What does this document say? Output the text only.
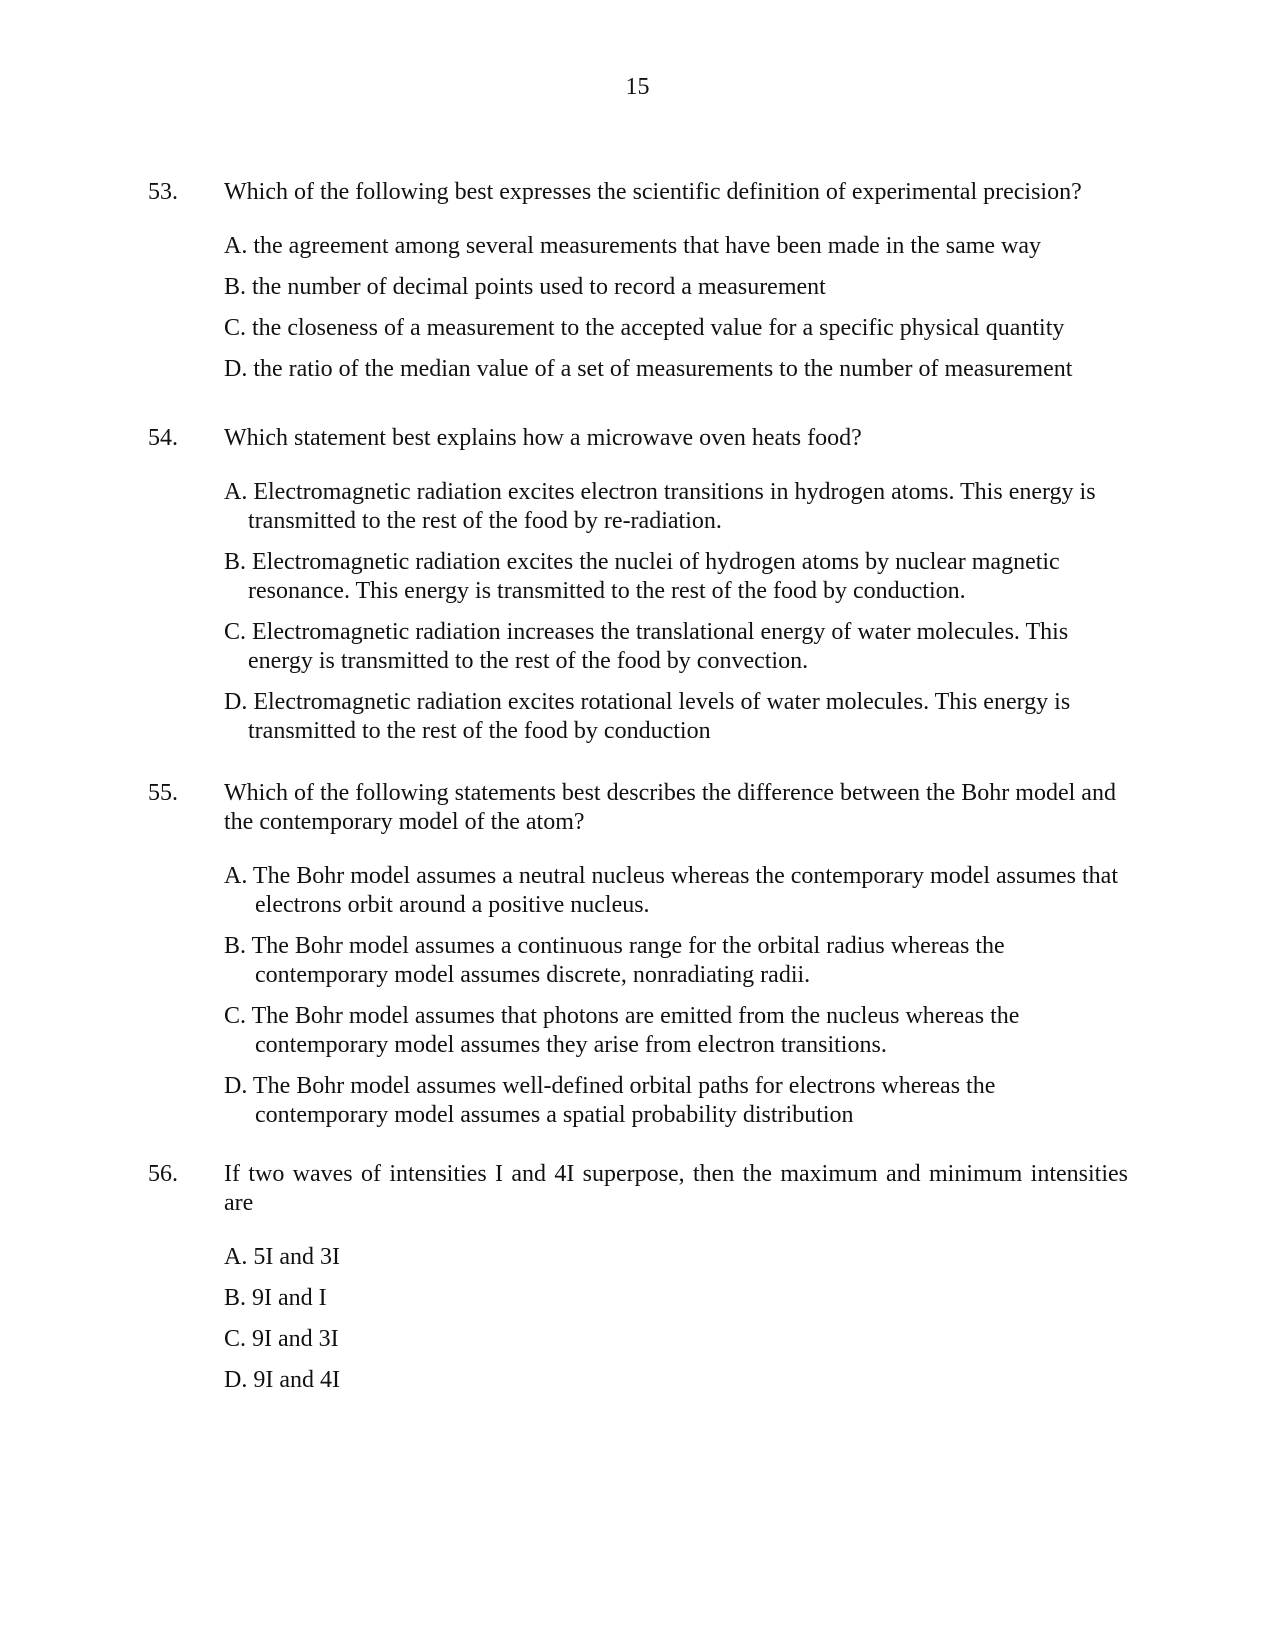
15
53. Which of the following best expresses the scientific definition of experimental precision?
A. the agreement among several measurements that have been made in the same way
B. the number of decimal points used to record a measurement
C. the closeness of a measurement to the accepted value for a specific physical quantity
D. the ratio of the median value of a set of measurements to the number of measurement
54. Which statement best explains how a microwave oven heats food?
A. Electromagnetic radiation excites electron transitions in hydrogen atoms. This energy is transmitted to the rest of the food by re-radiation.
B. Electromagnetic radiation excites the nuclei of hydrogen atoms by nuclear magnetic resonance. This energy is transmitted to the rest of the food by conduction.
C. Electromagnetic radiation increases the translational energy of water molecules. This energy is transmitted to the rest of the food by convection.
D. Electromagnetic radiation excites rotational levels of water molecules. This energy is transmitted to the rest of the food by conduction
55. Which of the following statements best describes the difference between the Bohr model and the contemporary model of the atom?
A. The Bohr model assumes a neutral nucleus whereas the contemporary model assumes that electrons orbit around a positive nucleus.
B. The Bohr model assumes a continuous range for the orbital radius whereas the contemporary model assumes discrete, nonradiating radii.
C. The Bohr model assumes that photons are emitted from the nucleus whereas the contemporary model assumes they arise from electron transitions.
D. The Bohr model assumes well-defined orbital paths for electrons whereas the contemporary model assumes a spatial probability distribution
56. If two waves of intensities I and 4I superpose, then the maximum and minimum intensities are
A. 5I and 3I
B. 9I and I
C. 9I and 3I
D. 9I and 4I
